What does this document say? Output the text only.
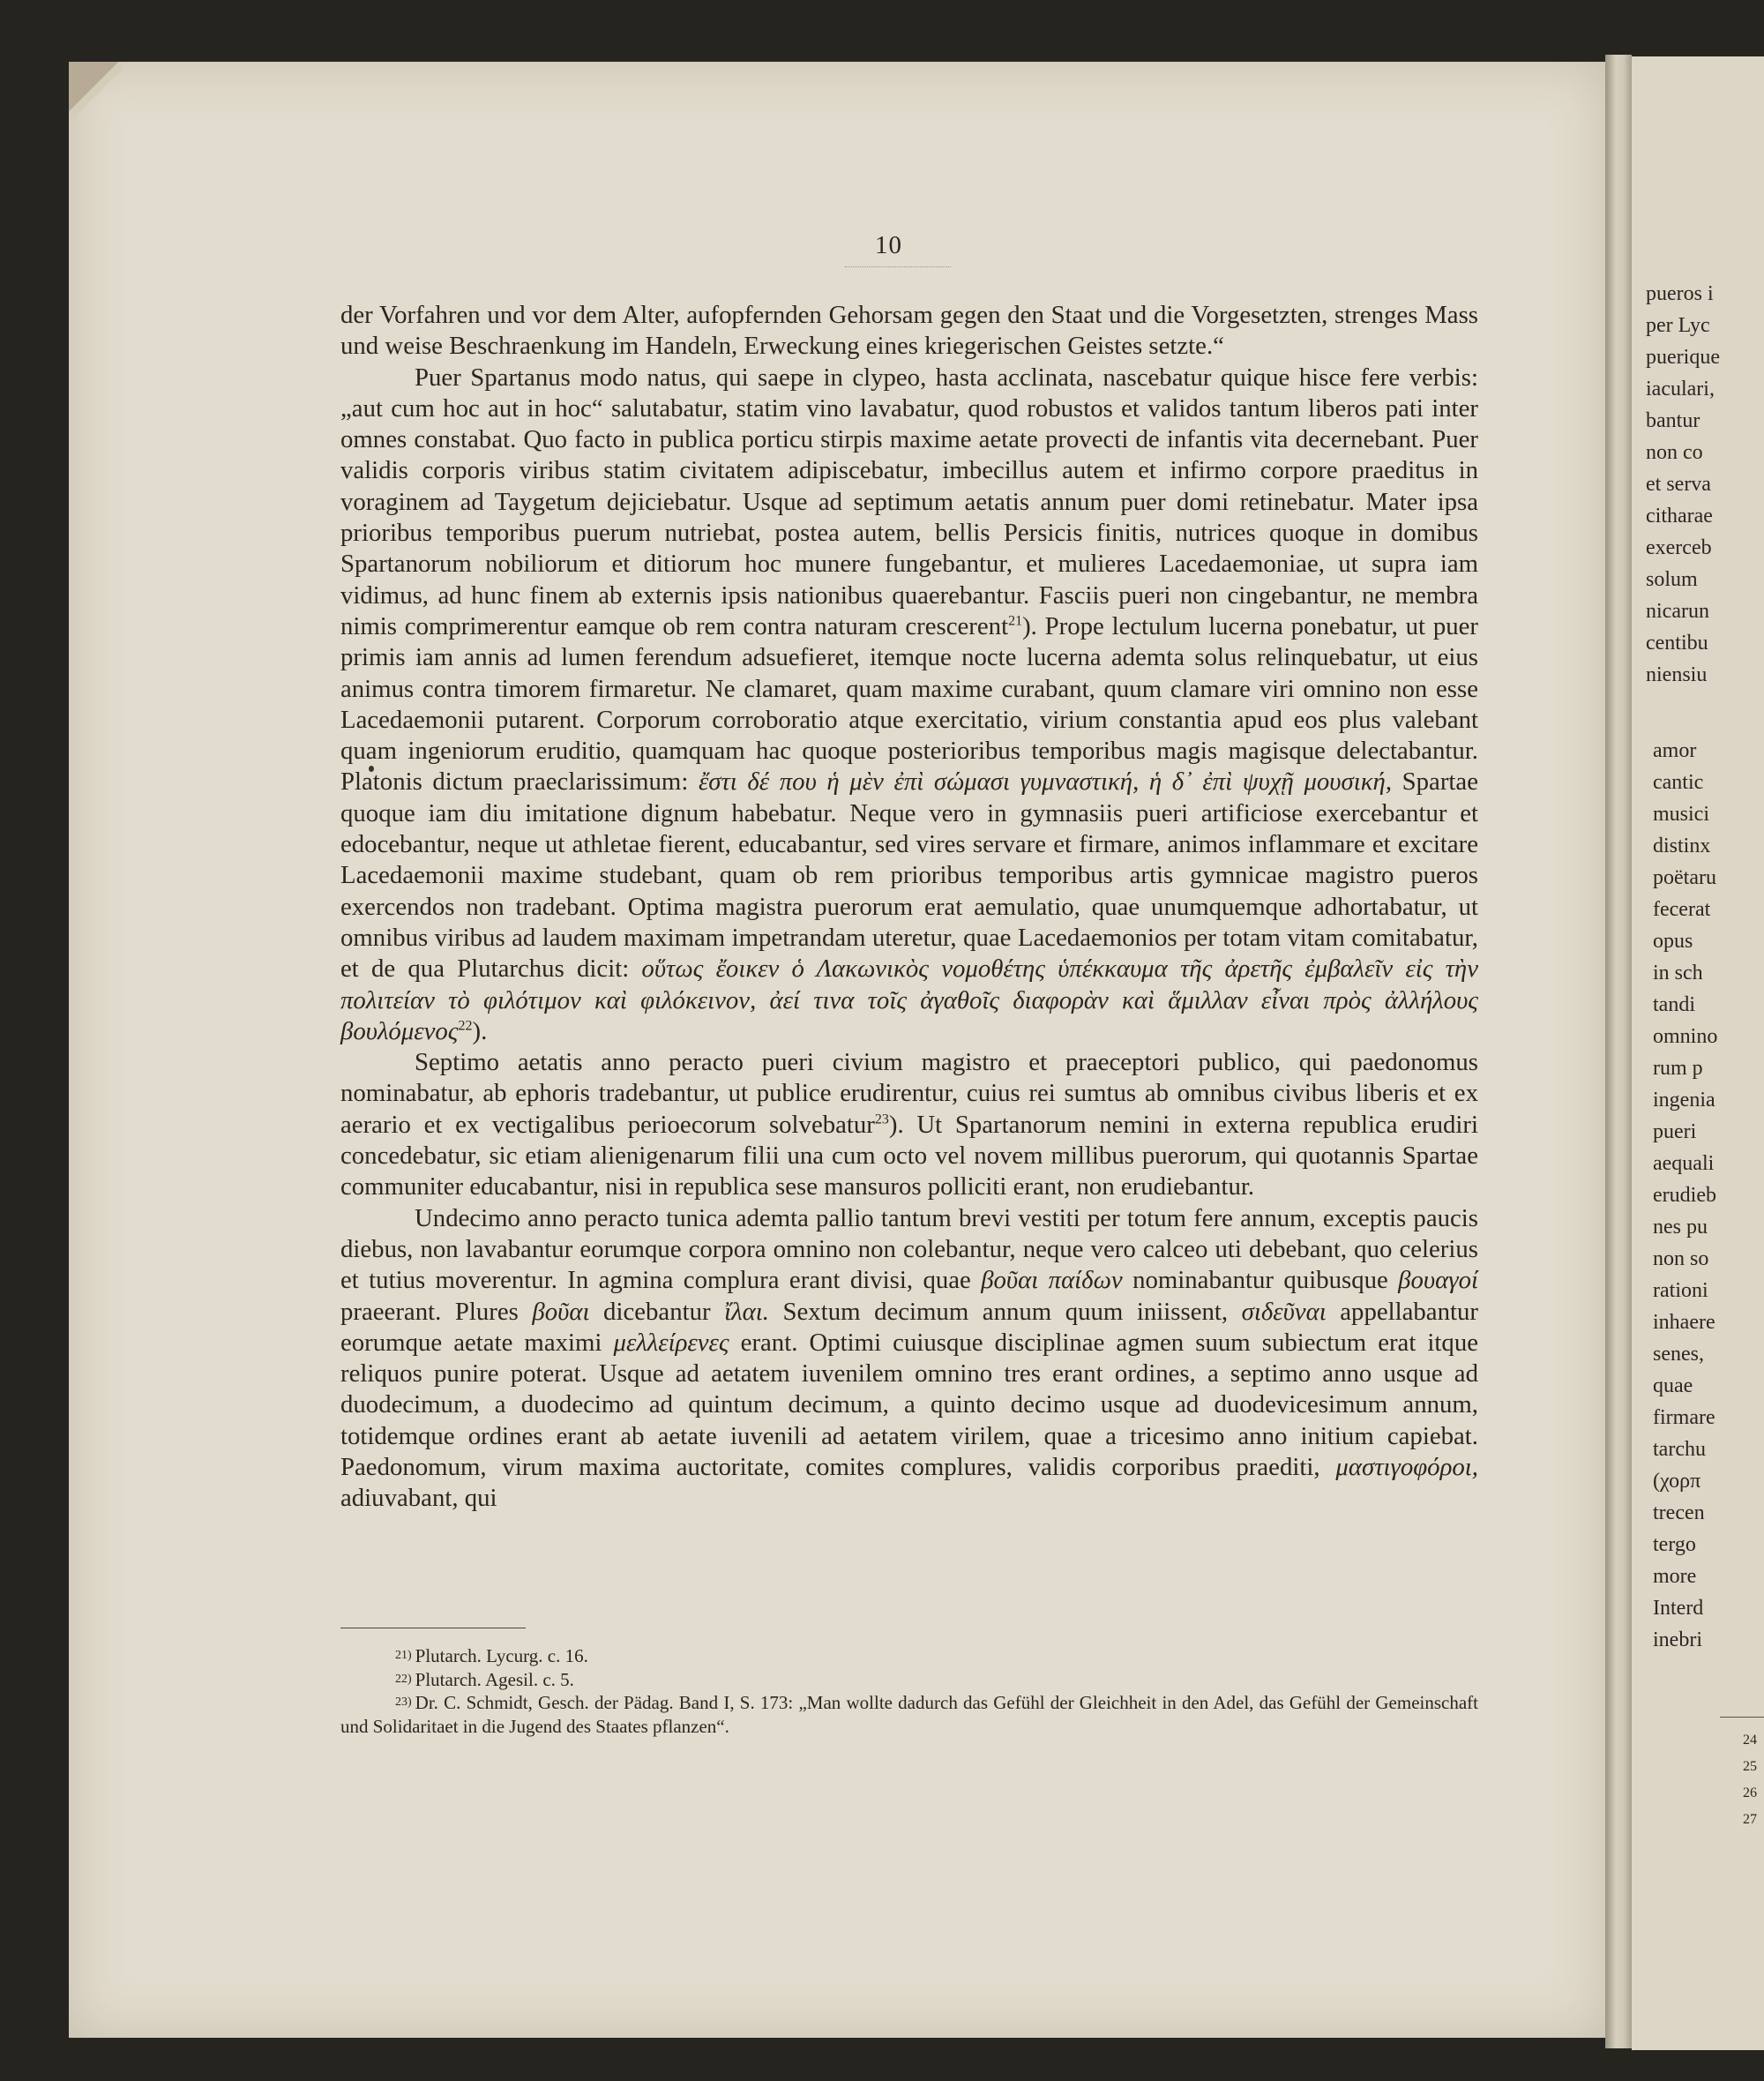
pueros i
per Lyc
puerique
iaculari,
bantur
non co
et serva
citharae
exerceb
solum
nicarun
centibu
niensiu
amor
cantic
musici
distinx
poëtaru
fecerat
opus
in sch
tandi
omnino
rum p
ingenia
pueri
aequali
erudieb
nes pu
non so
rationi
inhaere
senes,
quae
firmare
tarchu
(χορπ
trecen
tergo
more
Interd
inebri
24
25
26
27
10

der Vorfahren und vor dem Alter, aufopfernden Gehorsam gegen den Staat und die Vorgesetzten, strenges Mass und weise Beschraenkung im Handeln, Erweckung eines kriegerischen Geistes setzte.“

Puer Spartanus modo natus, qui saepe in clypeo, hasta acclinata, nascebatur quique hisce fere verbis: „aut cum hoc aut in hoc“ salutabatur, statim vino lavabatur, quod robustos et validos tantum liberos pati inter omnes constabat. Quo facto in publica porticu stirpis maxime aetate provecti de infantis vita decernebant. Puer validis corporis viribus statim civitatem adipiscebatur, imbecillus autem et infirmo corpore praeditus in voraginem ad Taygetum dejiciebatur. Usque ad septimum aetatis annum puer domi retinebatur. Mater ipsa prioribus temporibus puerum nutriebat, postea autem, bellis Persicis finitis, nutrices quoque in domibus Spartanorum nobiliorum et ditiorum hoc munere fungebantur, et mulieres Lacedaemoniae, ut supra iam vidimus, ad hunc finem ab externis ipsis nationibus quaerebantur. Fasciis pueri non cingebantur, ne membra nimis comprimerentur eamque ob rem contra naturam crescerent$^{21}$). Prope lectulum lucerna ponebatur, ut puer primis iam annis ad lumen ferendum adsuefieret, itemque nocte lucerna ademta solus relinquebatur, ut eius animus contra timorem firmaretur. Ne clamaret, quam maxime curabant, quum clamare viri omnino non esse Lacedaemonii putarent. Corporum corroboratio atque exercitatio, virium constantia apud eos plus valebant quam ingeniorum eruditio, quamquam hac quoque posterioribus temporibus magis magisque delectabantur. Platonis dictum praeclarissimum: ἔστι δέ που ἡ μὲν ἐπὶ σώμασι γυμναστική, ἡ δ᾽ ἐπὶ ψυχῇ μουσική, Spartae quoque iam diu imitatione dignum habebatur. Neque vero in gymnasiis pueri artificiose exercebantur et edocebantur, neque ut athletae fierent, educabantur, sed vires servare et firmare, animos inflammare et excitare Lacedaemonii maxime studebant, quam ob rem prioribus temporibus artis gymnicae magistro pueros exercendos non tradebant. Optima magistra puerorum erat aemulatio, quae unumquemque adhortabatur, ut omnibus viribus ad laudem maximam impetrandam uteretur, quae Lacedaemonios per totam vitam comitabatur, et de qua Plutarchus dicit: οὕτως ἔοικεν ὁ Λακωνικὸς νομοθέτης ὑπέκκαυμα τῆς ἀρετῆς ἐμβαλεῖν εἰς τὴν πολιτείαν τὸ φιλότιμον καὶ φιλόκεινον, ἀεί τινα τοῖς ἀγαθοῖς διαφορὰν καὶ ἅμιλλαν εἶναι πρὸς ἀλλήλους βουλόμενος$^{22}$).

Septimo aetatis anno peracto pueri civium magistro et praeceptori publico, qui paedonomus nominabatur, ab ephoris tradebantur, ut publice erudirentur, cuius rei sumtus ab omnibus civibus liberis et ex aerario et ex vectigalibus perioecorum solvebatur$^{23}$). Ut Spartanorum nemini in externa republica erudiri concedebatur, sic etiam alienigenarum filii una cum octo vel novem millibus puerorum, qui quotannis Spartae communiter educabantur, nisi in republica sese mansuros polliciti erant, non erudiebantur.

Undecimo anno peracto tunica ademta pallio tantum brevi vestiti per totum fere annum, exceptis paucis diebus, non lavabantur eorumque corpora omnino non colebantur, neque vero calceo uti debebant, quo celerius et tutius moverentur. In agmina complura erant divisi, quae βοῦαι παίδων nominabantur quibusque βουαγοί praeerant. Plures βοῦαι dicebantur ἴλαι. Sextum decimum annum quum iniissent, σιδεῦναι appellabantur eorumque aetate maximi μελλείρενες erant. Optimi cuiusque disciplinae agmen suum subiectum erat itque reliquos punire poterat. Usque ad aetatem iuvenilem omnino tres erant ordines, a septimo anno usque ad duodecimum, a duodecimo ad quintum decimum, a quinto decimo usque ad duodevicesimum annum, totidemque ordines erant ab aetate iuvenili ad aetatem virilem, quae a tricesimo anno initium capiebat. Paedonomum, virum maxima auctoritate, comites complures, validis corporibus praediti, μαστιγοφόροι, adiuvabant, qui

21) Plutarch. Lycurg. c. 16.
22) Plutarch. Agesil. c. 5.
23) Dr. C. Schmidt, Gesch. der Pädag. Band I, S. 173: „Man wollte dadurch das Gefühl der Gleichheit in den Adel, das Gefühl der Gemeinschaft und Solidaritaet in die Jugend des Staates pflanzen“.
